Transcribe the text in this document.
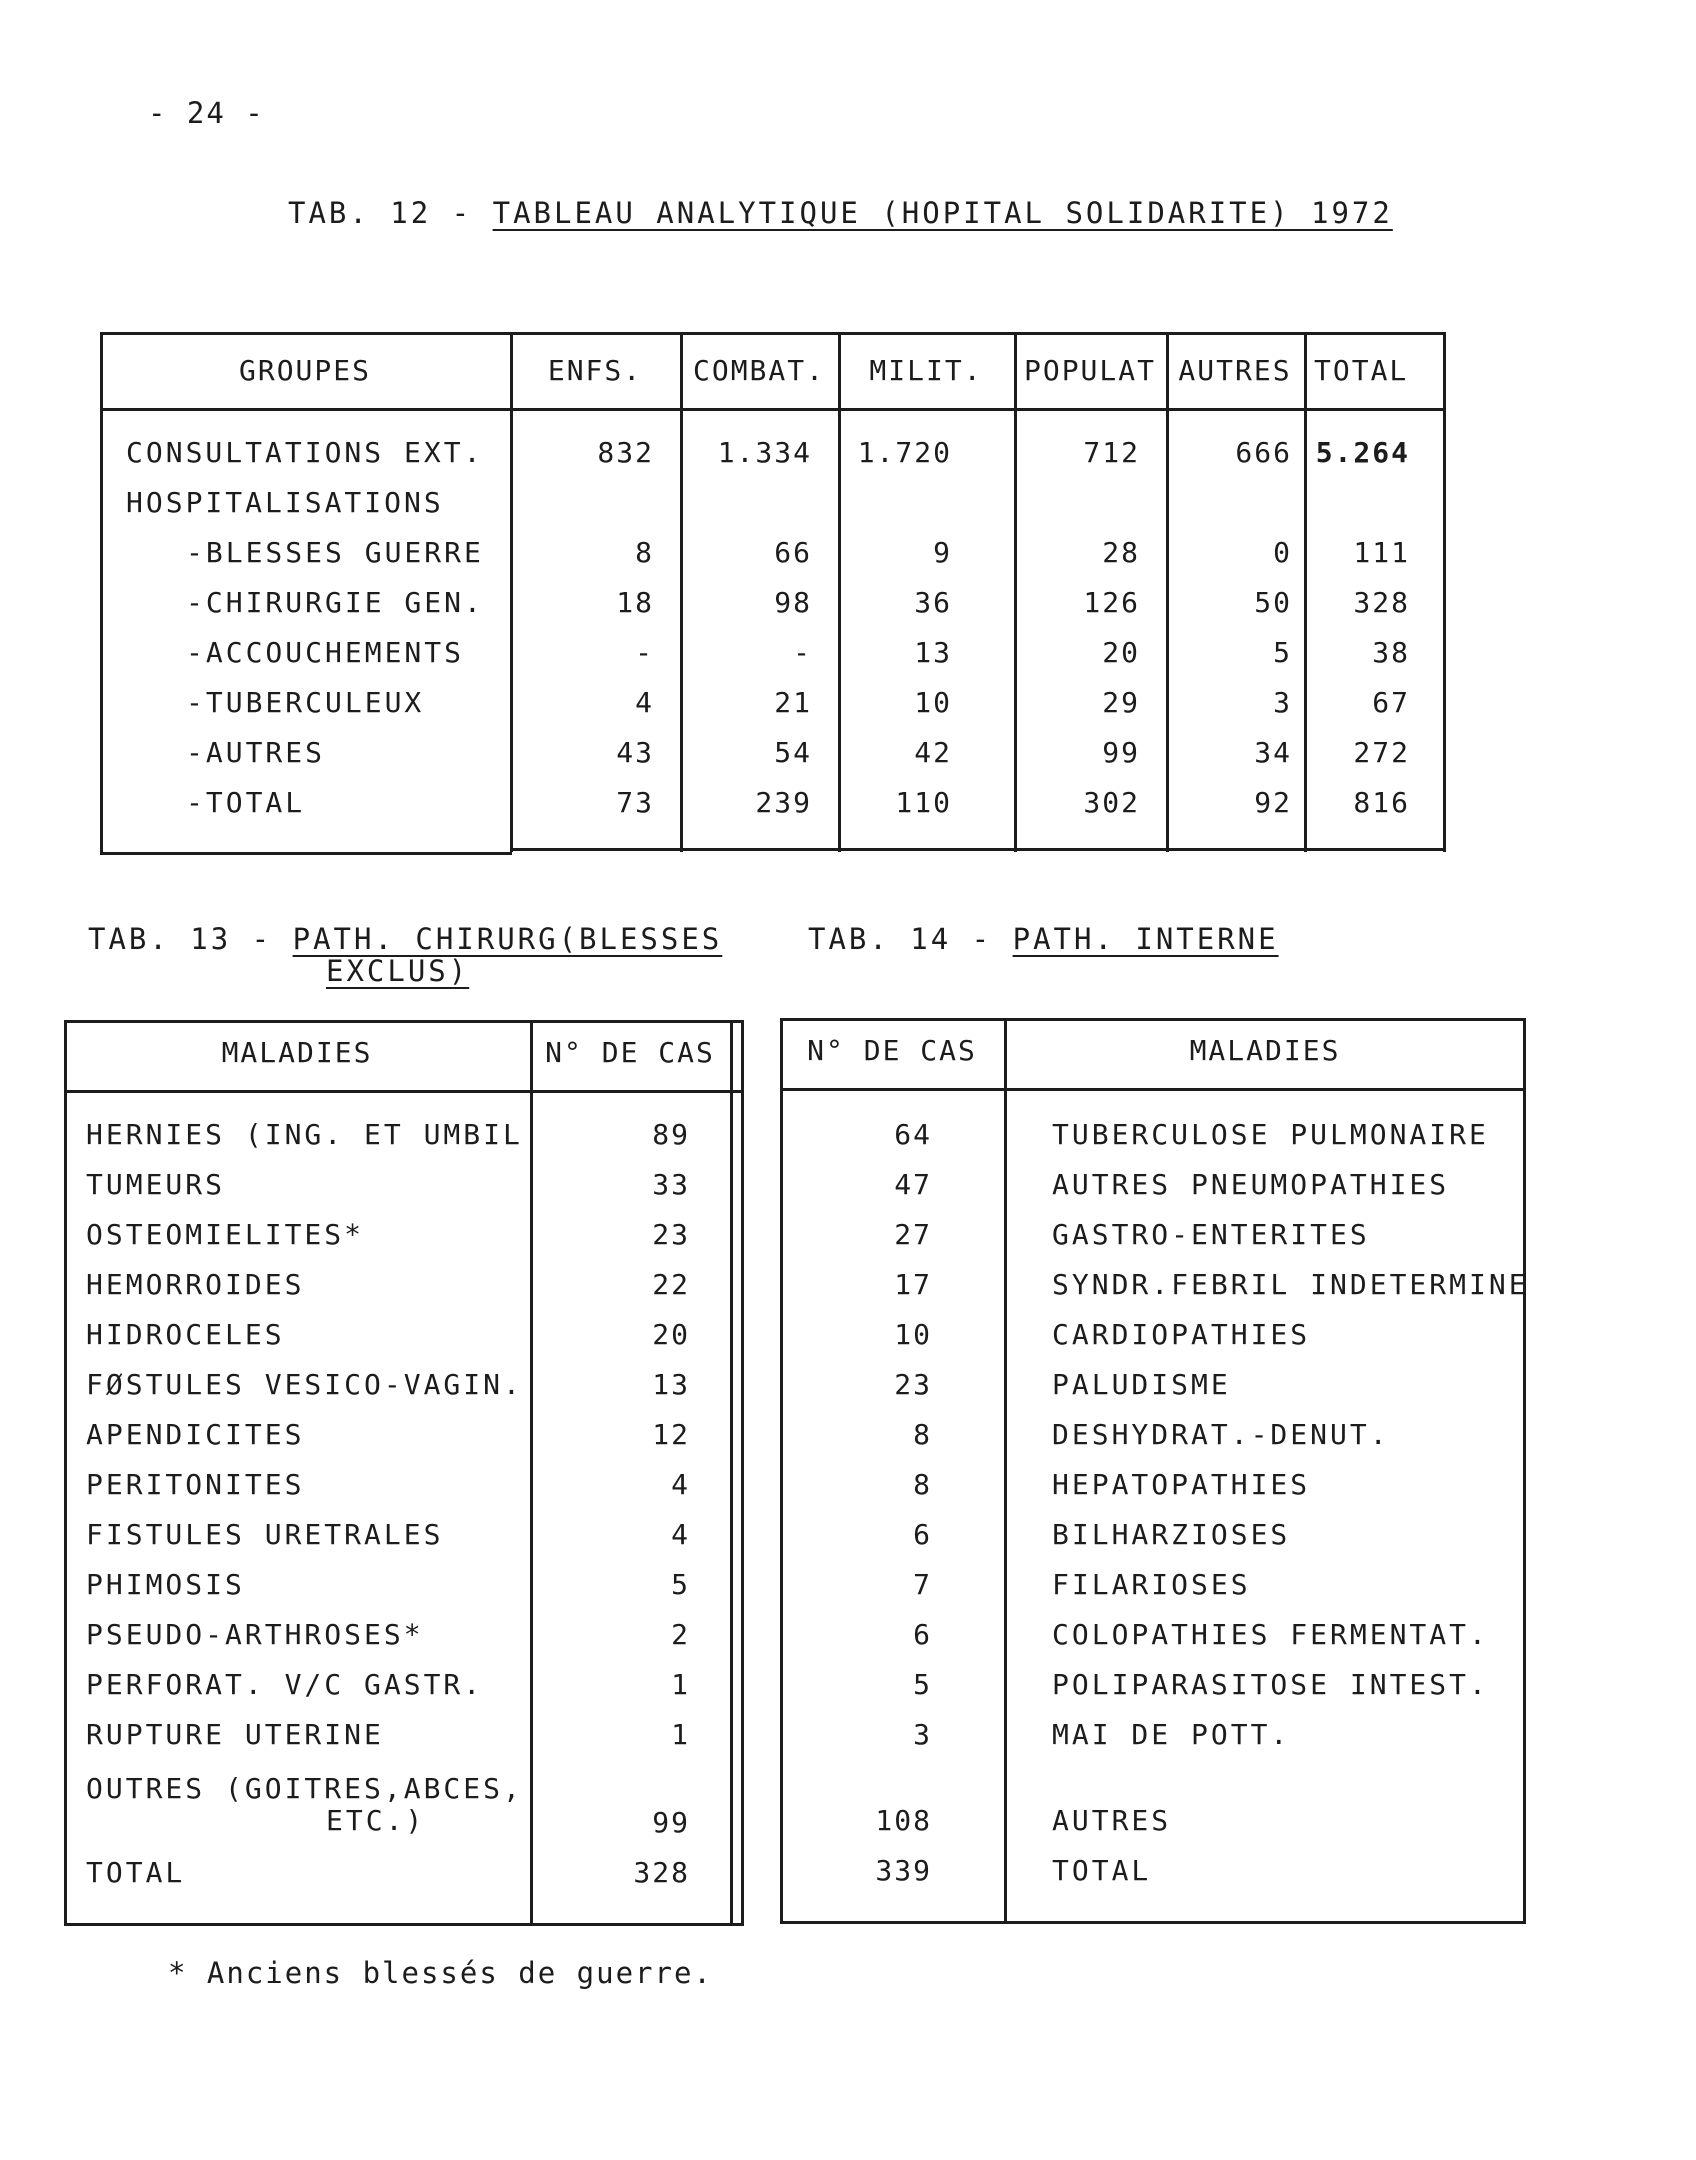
- 24 -
TAB. 12 - TABLEAU ANALYTIQUE (HOPITAL SOLIDARITE) 1972
GROUPES	ENFS.	COMBAT.	MILIT.	POPULAT AUTRES TOTAL
CONSULTATIONS EXT.	832	1.334	1.720	712	666 5.264
HOSPITALISATIONS
-BLESSES GUERRE	8	66	9	28	0	111
-CHIRURGIE GEN.	18	98	36	126	50	328
-ACCOUCHEMENTS	-	-	13	20	5	38
-TUBERCULEUX	4	21	10	29	3	67
-AUTRES	43	54	42	99	34	272
-TOTAL	73	239	110	302	92	816
TAB. 13 - PATH. CHIRURG(BLESSES
EXCLUS)
TAB. 14 - PATH. INTERNE
MALADIES	N° DE CAS
HERNIES (ING. ET UMBIL	89
TUMEURS	33
OSTEOMIELITES*	23
HEMORROIDES	22
HIDROCELES	20
FØSTULES VESICO-VAGIN.	13
APENDICITES	12
PERITONITES	4
FISTULES URETRALES	4
PHIMOSIS	5
PSEUDO-ARTHROSES*	2
PERFORAT. V/C GASTR.	1
RUPTURE UTERINE	1
OUTRES (GOITRES,ABCES,
ETC.)	99
TOTAL	328
N° DE CAS	MALADIES
64	TUBERCULOSE PULMONAIRE
47	AUTRES PNEUMOPATHIES
27	GASTRO-ENTERITES
17	SYNDR.FEBRIL INDETERMINE
10	CARDIOPATHIES
23	PALUDISME
8	DESHYDRAT.-DENUT.
8	HEPATOPATHIES
6	BILHARZIOSES
7	FILARIOSES
6	COLOPATHIES FERMENTAT.
5	POLIPARASITOSE INTEST.
3	MAI DE POTT.
108	AUTRES
339	TOTAL
* Anciens blessés de guerre.
